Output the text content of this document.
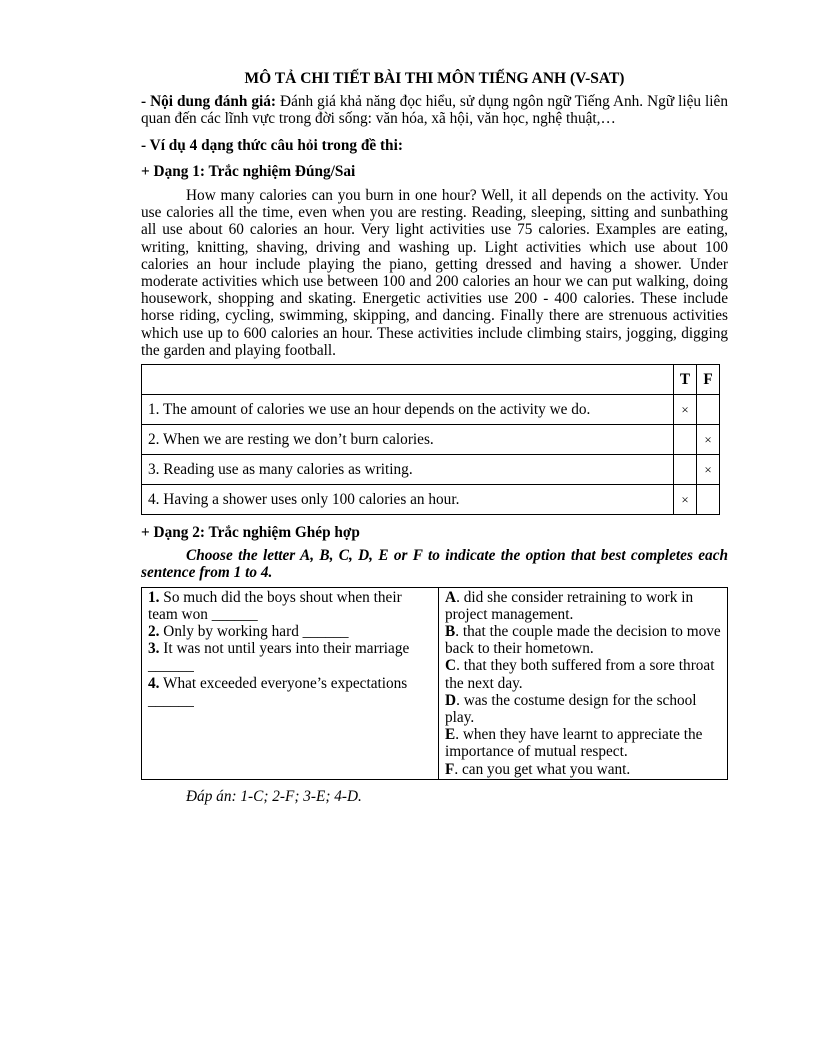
MÔ TẢ CHI TIẾT BÀI THI MÔN TIẾNG ANH (V-SAT)

- Nội dung đánh giá: Đánh giá khả năng đọc hiểu, sử dụng ngôn ngữ Tiếng Anh. Ngữ liệu liên quan đến các lĩnh vực trong đời sống: văn hóa, xã hội, văn học, nghệ thuật,…

- Ví dụ 4 dạng thức câu hỏi trong đề thi:

+ Dạng 1: Trắc nghiệm Đúng/Sai

How many calories can you burn in one hour? Well, it all depends on the activity. You use calories all the time, even when you are resting. Reading, sleeping, sitting and sunbathing all use about 60 calories an hour. Very light activities use 75 calories. Examples are eating, writing, knitting, shaving, driving and washing up. Light activities which use about 100 calories an hour include playing the piano, getting dressed and having a shower. Under moderate activities which use between 100 and 200 calories an hour we can put walking, doing housework, shopping and skating. Energetic activities use 200 - 400 calories. These include horse riding, cycling, swimming, skipping, and dancing. Finally there are strenuous activities which use up to 600 calories an hour. These activities include climbing stairs, jogging, digging the garden and playing football.

	T	F
1. The amount of calories we use an hour depends on the activity we do.	×	
2. When we are resting we don’t burn calories.		×
3. Reading use as many calories as writing.		×
4. Having a shower uses only 100 calories an hour.	×	

+ Dạng 2: Trắc nghiệm Ghép hợp

Choose the letter A, B, C, D, E or F to indicate the option that best completes each sentence from 1 to 4.

1. So much did the boys shout when their team won ______
2. Only by working hard ______
3. It was not until years into their marriage ______
4. What exceeded everyone’s expectations ______

A. did she consider retraining to work in project management.
B. that the couple made the decision to move back to their hometown.
C. that they both suffered from a sore throat the next day.
D. was the costume design for the school play.
E. when they have learnt to appreciate the importance of mutual respect.
F. can you get what you want.

Đáp án: 1-C; 2-F; 3-E; 4-D.
